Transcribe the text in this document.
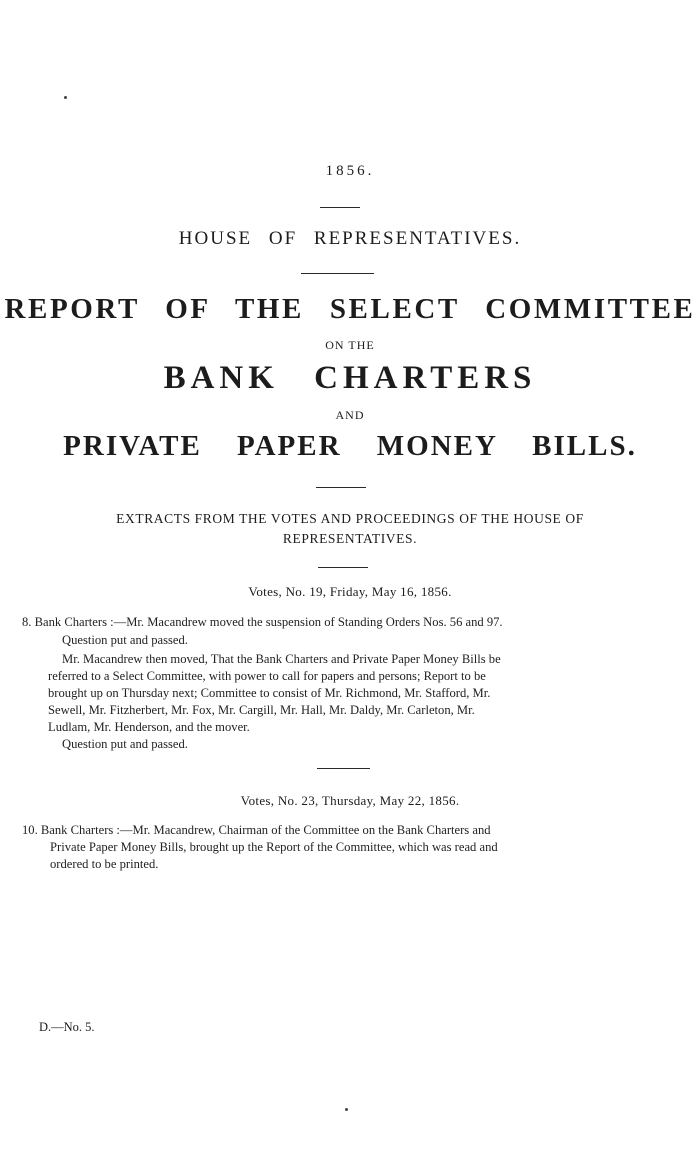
1856.
HOUSE OF REPRESENTATIVES.
REPORT OF THE SELECT COMMITTEE
ON THE
BANK CHARTERS
AND
PRIVATE PAPER MONEY BILLS.
EXTRACTS FROM THE VOTES AND PROCEEDINGS OF THE HOUSE OF
REPRESENTATIVES.
Votes, No. 19, Friday, May 16, 1856.
8. Bank Charters :—Mr. Macandrew moved the suspension of Standing Orders Nos. 56 and 97.
Question put and passed.
Mr. Macandrew then moved, That the Bank Charters and Private Paper Money Bills be
referred to a Select Committee, with power to call for papers and persons; Report to be
brought up on Thursday next; Committee to consist of Mr. Richmond, Mr. Stafford, Mr.
Sewell, Mr. Fitzherbert, Mr. Fox, Mr. Cargill, Mr. Hall, Mr. Daldy, Mr. Carleton, Mr.
Ludlam, Mr. Henderson, and the mover.
Question put and passed.
Votes, No. 23, Thursday, May 22, 1856.
10. Bank Charters :—Mr. Macandrew, Chairman of the Committee on the Bank Charters and
Private Paper Money Bills, brought up the Report of the Committee, which was read and
ordered to be printed.
D.—No. 5.
